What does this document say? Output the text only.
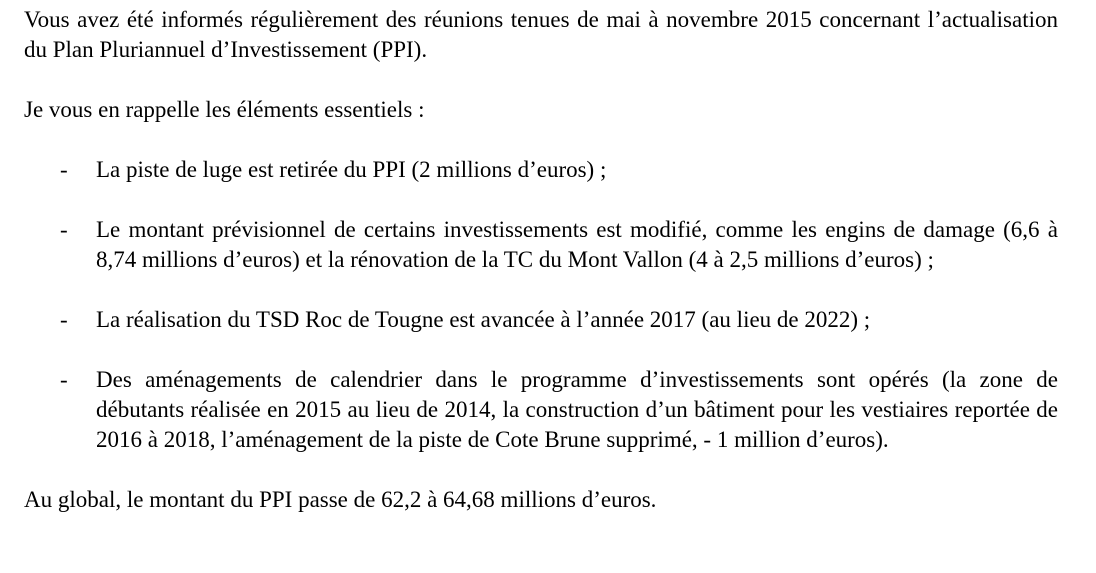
Vous avez été informés régulièrement des réunions tenues de mai à novembre 2015 concernant l’actualisation du Plan Pluriannuel d’Investissement (PPI).

Je vous en rappelle les éléments essentiels :

- La piste de luge est retirée du PPI (2 millions d’euros) ;
- Le montant prévisionnel de certains investissements est modifié, comme les engins de damage (6,6 à 8,74 millions d’euros) et la rénovation de la TC du Mont Vallon (4 à 2,5 millions d’euros) ;
- La réalisation du TSD Roc de Tougne est avancée à l’année 2017 (au lieu de 2022) ;
- Des aménagements de calendrier dans le programme d’investissements sont opérés (la zone de débutants réalisée en 2015 au lieu de 2014, la construction d’un bâtiment pour les vestiaires reportée de 2016 à 2018, l’aménagement de la piste de Cote Brune supprimé, - 1 million d’euros).

Au global, le montant du PPI passe de 62,2 à 64,68 millions d’euros.
